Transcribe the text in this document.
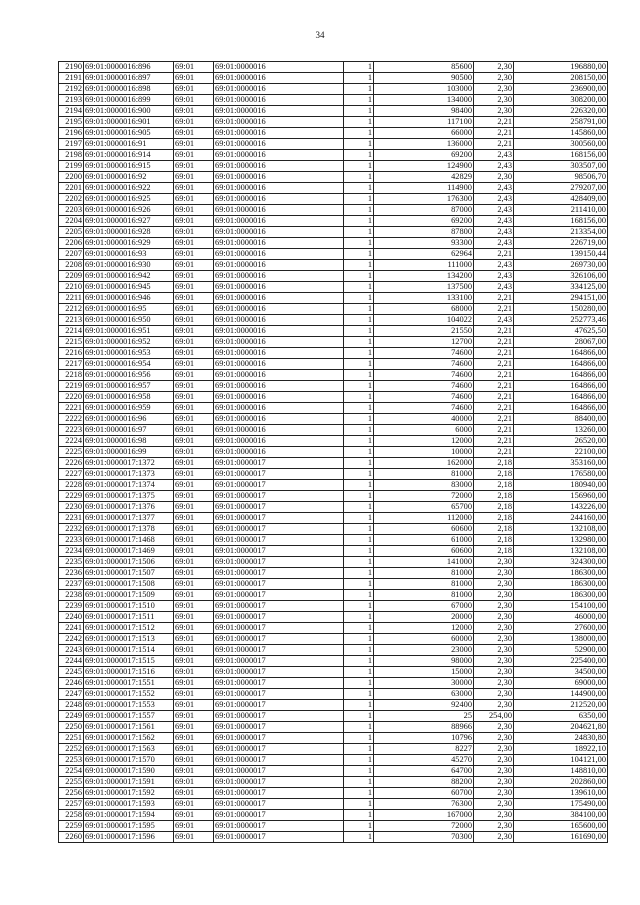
34
2190	69:01:0000016:896	69:01	69:01:0000016	1	85600	2,30	196880,00
2191	69:01:0000016:897	69:01	69:01:0000016	1	90500	2,30	208150,00
2192	69:01:0000016:898	69:01	69:01:0000016	1	103000	2,30	236900,00
2193	69:01:0000016:899	69:01	69:01:0000016	1	134000	2,30	308200,00
2194	69:01:0000016:900	69:01	69:01:0000016	1	98400	2,30	226320,00
2195	69:01:0000016:901	69:01	69:01:0000016	1	117100	2,21	258791,00
2196	69:01:0000016:905	69:01	69:01:0000016	1	66000	2,21	145860,00
2197	69:01:0000016:91	69:01	69:01:0000016	1	136000	2,21	300560,00
2198	69:01:0000016:914	69:01	69:01:0000016	1	69200	2,43	168156,00
2199	69:01:0000016:915	69:01	69:01:0000016	1	124900	2,43	303507,00
2200	69:01:0000016:92	69:01	69:01:0000016	1	42829	2,30	98506,70
2201	69:01:0000016:922	69:01	69:01:0000016	1	114900	2,43	279207,00
2202	69:01:0000016:925	69:01	69:01:0000016	1	176300	2,43	428409,00
2203	69:01:0000016:926	69:01	69:01:0000016	1	87000	2,43	211410,00
2204	69:01:0000016:927	69:01	69:01:0000016	1	69200	2,43	168156,00
2205	69:01:0000016:928	69:01	69:01:0000016	1	87800	2,43	213354,00
2206	69:01:0000016:929	69:01	69:01:0000016	1	93300	2,43	226719,00
2207	69:01:0000016:93	69:01	69:01:0000016	1	62964	2,21	139150,44
2208	69:01:0000016:930	69:01	69:01:0000016	1	111000	2,43	269730,00
2209	69:01:0000016:942	69:01	69:01:0000016	1	134200	2,43	326106,00
2210	69:01:0000016:945	69:01	69:01:0000016	1	137500	2,43	334125,00
2211	69:01:0000016:946	69:01	69:01:0000016	1	133100	2,21	294151,00
2212	69:01:0000016:95	69:01	69:01:0000016	1	68000	2,21	150280,00
2213	69:01:0000016:950	69:01	69:01:0000016	1	104022	2,43	252773,46
2214	69:01:0000016:951	69:01	69:01:0000016	1	21550	2,21	47625,50
2215	69:01:0000016:952	69:01	69:01:0000016	1	12700	2,21	28067,00
2216	69:01:0000016:953	69:01	69:01:0000016	1	74600	2,21	164866,00
2217	69:01:0000016:954	69:01	69:01:0000016	1	74600	2,21	164866,00
2218	69:01:0000016:956	69:01	69:01:0000016	1	74600	2,21	164866,00
2219	69:01:0000016:957	69:01	69:01:0000016	1	74600	2,21	164866,00
2220	69:01:0000016:958	69:01	69:01:0000016	1	74600	2,21	164866,00
2221	69:01:0000016:959	69:01	69:01:0000016	1	74600	2,21	164866,00
2222	69:01:0000016:96	69:01	69:01:0000016	1	40000	2,21	88400,00
2223	69:01:0000016:97	69:01	69:01:0000016	1	6000	2,21	13260,00
2224	69:01:0000016:98	69:01	69:01:0000016	1	12000	2,21	26520,00
2225	69:01:0000016:99	69:01	69:01:0000016	1	10000	2,21	22100,00
2226	69:01:0000017:1372	69:01	69:01:0000017	1	162000	2,18	353160,00
2227	69:01:0000017:1373	69:01	69:01:0000017	1	81000	2,18	176580,00
2228	69:01:0000017:1374	69:01	69:01:0000017	1	83000	2,18	180940,00
2229	69:01:0000017:1375	69:01	69:01:0000017	1	72000	2,18	156960,00
2230	69:01:0000017:1376	69:01	69:01:0000017	1	65700	2,18	143226,00
2231	69:01:0000017:1377	69:01	69:01:0000017	1	112000	2,18	244160,00
2232	69:01:0000017:1378	69:01	69:01:0000017	1	60600	2,18	132108,00
2233	69:01:0000017:1468	69:01	69:01:0000017	1	61000	2,18	132980,00
2234	69:01:0000017:1469	69:01	69:01:0000017	1	60600	2,18	132108,00
2235	69:01:0000017:1506	69:01	69:01:0000017	1	141000	2,30	324300,00
2236	69:01:0000017:1507	69:01	69:01:0000017	1	81000	2,30	186300,00
2237	69:01:0000017:1508	69:01	69:01:0000017	1	81000	2,30	186300,00
2238	69:01:0000017:1509	69:01	69:01:0000017	1	81000	2,30	186300,00
2239	69:01:0000017:1510	69:01	69:01:0000017	1	67000	2,30	154100,00
2240	69:01:0000017:1511	69:01	69:01:0000017	1	20000	2,30	46000,00
2241	69:01:0000017:1512	69:01	69:01:0000017	1	12000	2,30	27600,00
2242	69:01:0000017:1513	69:01	69:01:0000017	1	60000	2,30	138000,00
2243	69:01:0000017:1514	69:01	69:01:0000017	1	23000	2,30	52900,00
2244	69:01:0000017:1515	69:01	69:01:0000017	1	98000	2,30	225400,00
2245	69:01:0000017:1516	69:01	69:01:0000017	1	15000	2,30	34500,00
2246	69:01:0000017:1551	69:01	69:01:0000017	1	30000	2,30	69000,00
2247	69:01:0000017:1552	69:01	69:01:0000017	1	63000	2,30	144900,00
2248	69:01:0000017:1553	69:01	69:01:0000017	1	92400	2,30	212520,00
2249	69:01:0000017:1557	69:01	69:01:0000017	1	25	254,00	6350,00
2250	69:01:0000017:1561	69:01	69:01:0000017	1	88966	2,30	204621,80
2251	69:01:0000017:1562	69:01	69:01:0000017	1	10796	2,30	24830,80
2252	69:01:0000017:1563	69:01	69:01:0000017	1	8227	2,30	18922,10
2253	69:01:0000017:1570	69:01	69:01:0000017	1	45270	2,30	104121,00
2254	69:01:0000017:1590	69:01	69:01:0000017	1	64700	2,30	148810,00
2255	69:01:0000017:1591	69:01	69:01:0000017	1	88200	2,30	202860,00
2256	69:01:0000017:1592	69:01	69:01:0000017	1	60700	2,30	139610,00
2257	69:01:0000017:1593	69:01	69:01:0000017	1	76300	2,30	175490,00
2258	69:01:0000017:1594	69:01	69:01:0000017	1	167000	2,30	384100,00
2259	69:01:0000017:1595	69:01	69:01:0000017	1	72000	2,30	165600,00
2260	69:01:0000017:1596	69:01	69:01:0000017	1	70300	2,30	161690,00
